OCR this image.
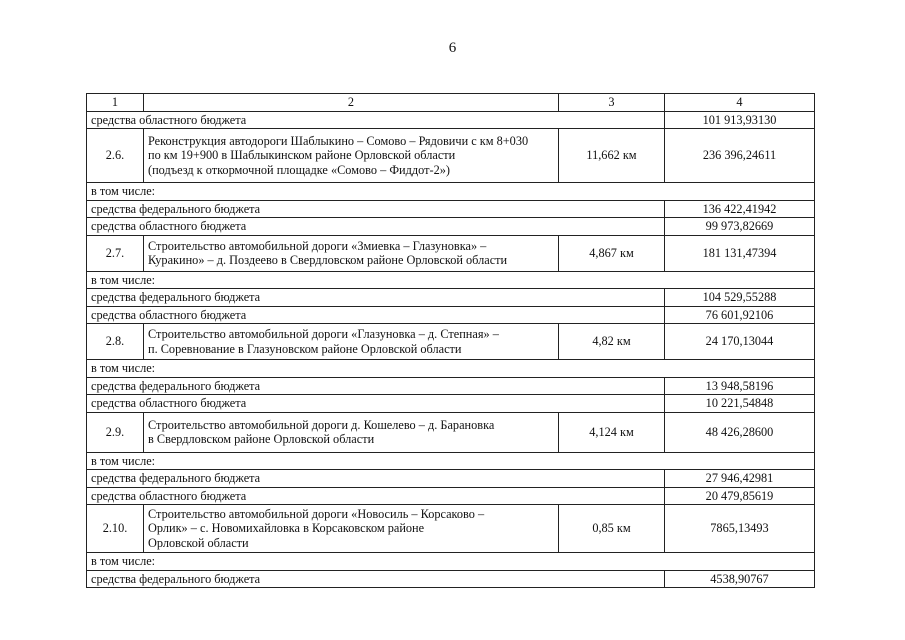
6
1	2	3	4
средства областного бюджета			101 913,93130
2.6.	Реконструкция автодороги Шаблыкино – Сомово – Рядовичи с км 8+030
по км 19+900 в Шаблыкинском районе Орловской области
(подъезд к откормочной площадке «Сомово – Фиддот-2»)	11,662 км	236 396,24611
в том числе:			
средства федерального бюджета			136 422,41942
средства областного бюджета			99 973,82669
2.7.	Строительство автомобильной дороги «Змиевка – Глазуновка» –
Куракино» – д. Поздеево в Свердловском районе Орловской области	4,867 км	181 131,47394
в том числе:			
средства федерального бюджета			104 529,55288
средства областного бюджета			76 601,92106
2.8.	Строительство автомобильной дороги «Глазуновка – д. Степная» –
п. Соревнование в Глазуновском районе Орловской области	4,82 км	24 170,13044
в том числе:			
средства федерального бюджета			13 948,58196
средства областного бюджета			10 221,54848
2.9.	Строительство автомобильной дороги д. Кошелево – д. Барановка
в Свердловском районе Орловской области	4,124 км	48 426,28600
в том числе:			
средства федерального бюджета			27 946,42981
средства областного бюджета			20 479,85619
2.10.	Строительство автомобильной дороги «Новосиль – Корсаково –
Орлик» – с. Новомихайловка в Корсаковском районе
Орловской области	0,85 км	7865,13493
в том числе:			
средства федерального бюджета			4538,90767
